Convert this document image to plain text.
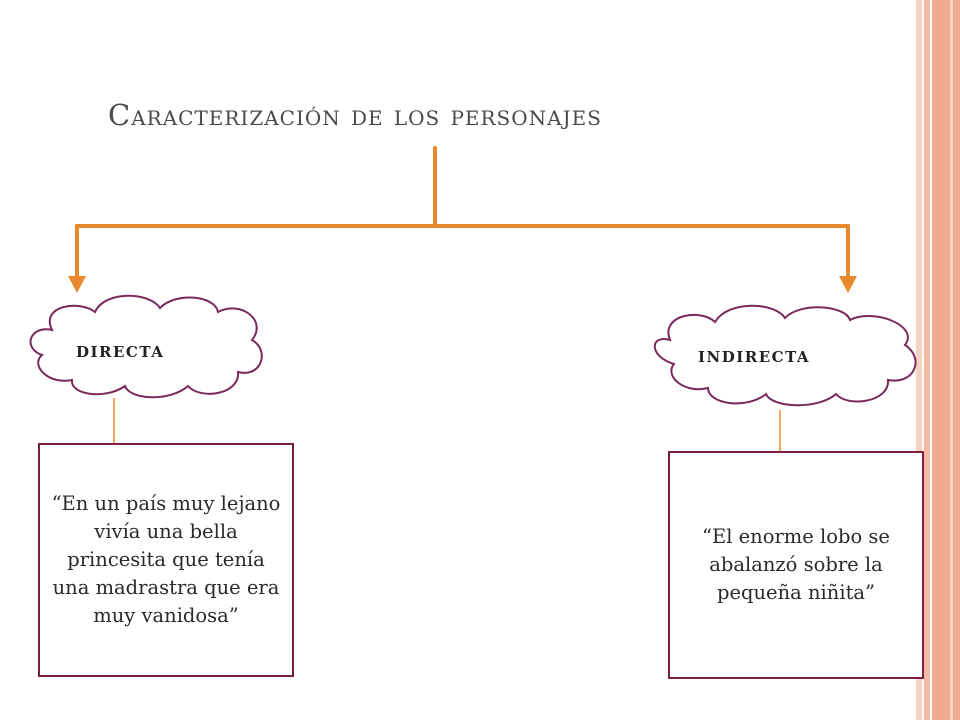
Caracterización de los personajes
DIRECTA	INDIRECTA
“En un país muy lejano vivía una bella princesita que tenía una madrastra que era muy vanidosa”
“El enorme lobo se abalanzó sobre la pequeña niñita”
